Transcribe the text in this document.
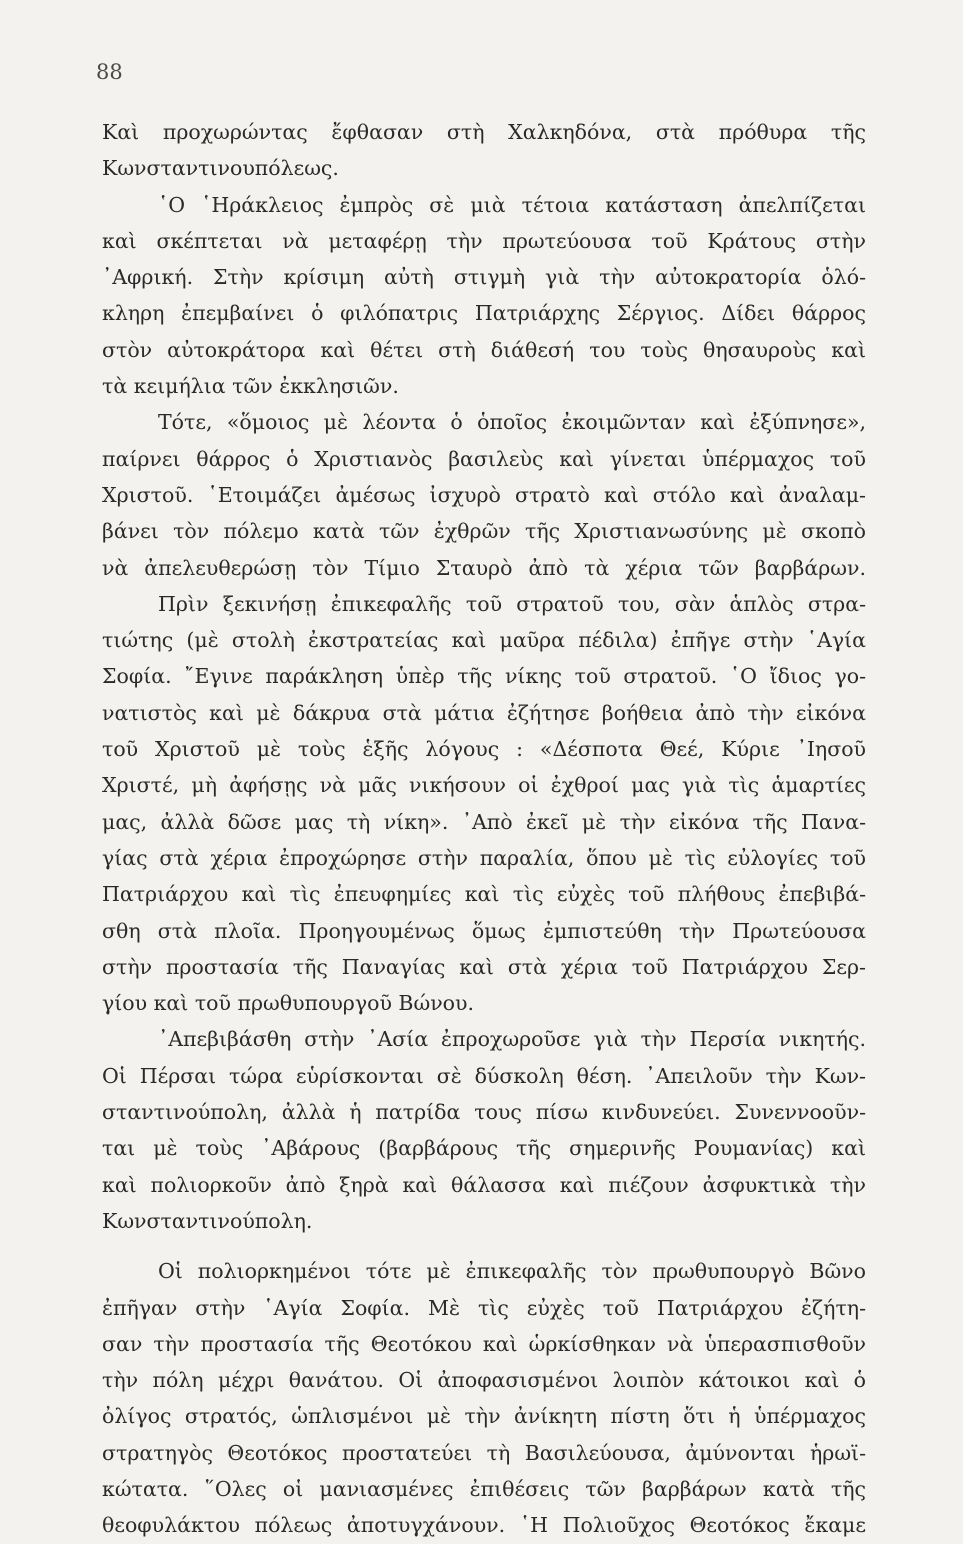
88
Καὶ προχωρώντας ἔφθασαν στὴ Χαλκηδόνα, στὰ πρόθυρα τῆς
Κωνσταντινουπόλεως.
῾Ο ῾Ηράκλειος ἐμπρὸς σὲ μιὰ τέτοια κατάσταση ἀπελπίζεται
καὶ σκέπτεται νὰ μεταφέρῃ τὴν πρωτεύουσα τοῦ Κράτους στὴν
᾿Αφρική. Στὴν κρίσιμη αὐτὴ στιγμὴ γιὰ τὴν αὐτοκρατορία ὁλό-
κληρη ἐπεμβαίνει ὁ φιλόπατρις Πατριάρχης Σέργιος. Δίδει θάρρος
στὸν αὐτοκράτορα καὶ θέτει στὴ διάθεσή του τοὺς θησαυροὺς καὶ
τὰ κειμήλια τῶν ἐκκλησιῶν.
Τότε, «ὅμοιος μὲ λέοντα ὁ ὁποῖος ἐκοιμῶνταν καὶ ἐξύπνησε»,
παίρνει θάρρος ὁ Χριστιανὸς βασιλεὺς καὶ γίνεται ὑπέρμαχος τοῦ
Χριστοῦ. ῾Ετοιμάζει ἀμέσως ἰσχυρὸ στρατὸ καὶ στόλο καὶ ἀναλαμ-
βάνει τὸν πόλεμο κατὰ τῶν ἐχθρῶν τῆς Χριστιανωσύνης μὲ σκοπὸ
νὰ ἀπελευθερώσῃ τὸν Τίμιο Σταυρὸ ἀπὸ τὰ χέρια τῶν βαρβάρων.
Πρὶν ξεκινήσῃ ἐπικεφαλῆς τοῦ στρατοῦ του, σὰν ἁπλὸς στρα-
τιώτης (μὲ στολὴ ἐκστρατείας καὶ μαῦρα πέδιλα) ἐπῆγε στὴν ῾Αγία
Σοφία. ῎Εγινε παράκληση ὑπὲρ τῆς νίκης τοῦ στρατοῦ. ῾Ο ἴδιος γο-
νατιστὸς καὶ μὲ δάκρυα στὰ μάτια ἐζήτησε βοήθεια ἀπὸ τὴν εἰκόνα
τοῦ Χριστοῦ μὲ τοὺς ἑξῆς λόγους : «Δέσποτα Θεέ, Κύριε ᾿Ιησοῦ
Χριστέ, μὴ ἀφήσῃς νὰ μᾶς νικήσουν οἱ ἐχθροί μας γιὰ τὶς ἁμαρτίες
μας, ἀλλὰ δῶσε μας τὴ νίκη». ᾿Απὸ ἐκεῖ μὲ τὴν εἰκόνα τῆς Πανα-
γίας στὰ χέρια ἐπροχώρησε στὴν παραλία, ὅπου μὲ τὶς εὐλογίες τοῦ
Πατριάρχου καὶ τὶς ἐπευφημίες καὶ τὶς εὐχὲς τοῦ πλήθους ἐπεβιβά-
σθη στὰ πλοῖα. Προηγουμένως ὅμως ἐμπιστεύθη τὴν Πρωτεύουσα
στὴν προστασία τῆς Παναγίας καὶ στὰ χέρια τοῦ Πατριάρχου Σερ-
γίου καὶ τοῦ πρωθυπουργοῦ Βώνου.
᾿Απεβιβάσθη στὴν ᾿Ασία ἐπροχωροῦσε γιὰ τὴν Περσία νικητής.
Οἱ Πέρσαι τώρα εὑρίσκονται σὲ δύσκολη θέση. ᾿Απειλοῦν τὴν Κων-
σταντινούπολη, ἀλλὰ ἡ πατρίδα τους πίσω κινδυνεύει. Συνεννοοῦν-
ται μὲ τοὺς ᾿Αβάρους (βαρβάρους τῆς σημερινῆς Ρουμανίας) καὶ
καὶ πολιορκοῦν ἀπὸ ξηρὰ καὶ θάλασσα καὶ πιέζουν ἀσφυκτικὰ τὴν
Κωνσταντινούπολη.
Οἱ πολιορκημένοι τότε μὲ ἐπικεφαλῆς τὸν πρωθυπουργὸ Βῶνο
ἐπῆγαν στὴν ῾Αγία Σοφία. Μὲ τὶς εὐχὲς τοῦ Πατριάρχου ἐζήτη-
σαν τὴν προστασία τῆς Θεοτόκου καὶ ὡρκίσθηκαν νὰ ὑπερασπισθοῦν
τὴν πόλη μέχρι θανάτου. Οἱ ἀποφασισμένοι λοιπὸν κάτοικοι καὶ ὁ
ὀλίγος στρατός, ὡπλισμένοι μὲ τὴν ἀνίκητη πίστη ὅτι ἡ ὑπέρμαχος
στρατηγὸς Θεοτόκος προστατεύει τὴ Βασιλεύουσα, ἀμύνονται ἡρωϊ-
κώτατα. ῞Ολες οἱ μανιασμένες ἐπιθέσεις τῶν βαρβάρων κατὰ τῆς
θεοφυλάκτου πόλεως ἀποτυγχάνουν. ῾Η Πολιοῦχος Θεοτόκος ἔκαμε
